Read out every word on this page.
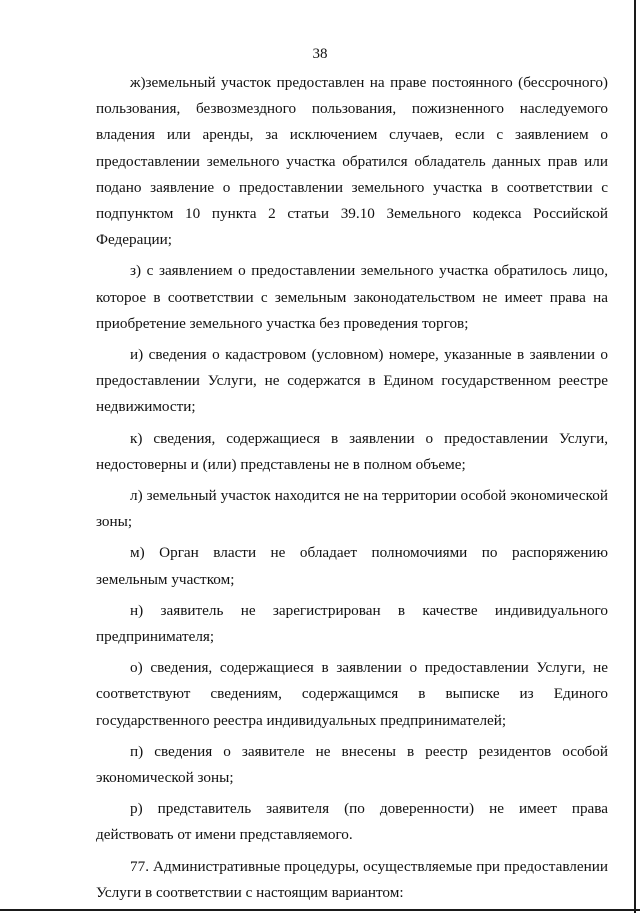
38

ж)земельный участок предоставлен на праве постоянного (бессрочного) пользования, безвозмездного пользования, пожизненного наследуемого владения или аренды, за исключением случаев, если с заявлением о предоставлении земельного участка обратился обладатель данных прав или подано заявление о предоставлении земельного участка в соответствии с подпунктом 10 пункта 2 статьи 39.10 Земельного кодекса Российской Федерации;

з) с заявлением о предоставлении земельного участка обратилось лицо, которое в соответствии с земельным законодательством не имеет права на приобретение земельного участка без проведения торгов;

и) сведения о кадастровом (условном) номере, указанные в заявлении о предоставлении Услуги, не содержатся в Едином государственном реестре недвижимости;

к) сведения, содержащиеся в заявлении о предоставлении Услуги, недостоверны и (или) представлены не в полном объеме;

л) земельный участок находится не на территории особой экономической зоны;

м) Орган власти не обладает полномочиями по распоряжению земельным участком;

н) заявитель не зарегистрирован в качестве индивидуального предпринимателя;

о) сведения, содержащиеся в заявлении о предоставлении Услуги, не соответствуют сведениям, содержащимся в выписке из Единого государственного реестра индивидуальных предпринимателей;

п) сведения о заявителе не внесены в реестр резидентов особой экономической зоны;

р) представитель заявителя (по доверенности) не имеет права действовать от имени представляемого.

77. Административные процедуры, осуществляемые при предоставлении Услуги в соответствии с настоящим вариантом:
